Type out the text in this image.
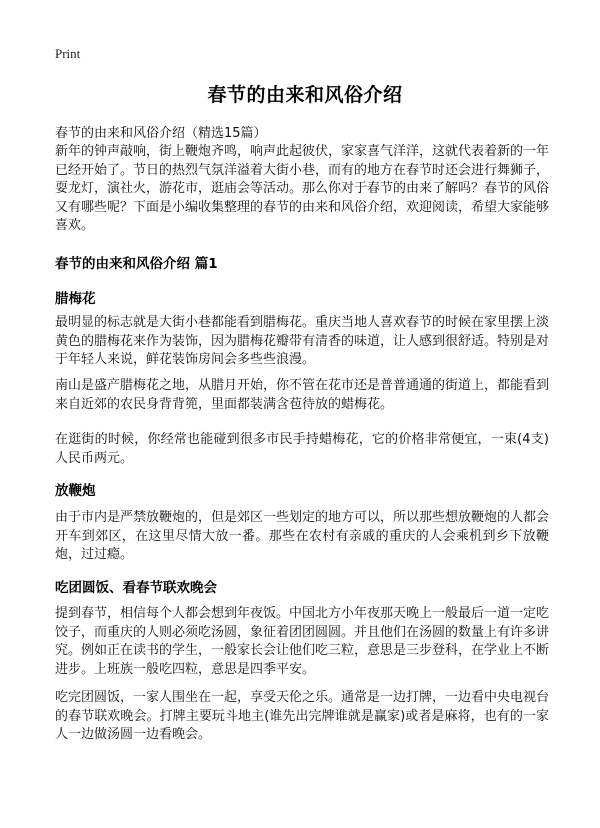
Print
春节的由来和风俗介绍
春节的由来和风俗介绍（精选15篇）

新年的钟声敲响，街上鞭炮齐鸣，响声此起彼伏，家家喜气洋洋，这就代表着新的一年已经开始了。节日的热烈气氛洋溢着大街小巷，而有的地方在春节时还会进行舞狮子，耍龙灯，演社火，游花市，逛庙会等活动。那么你对于春节的由来了解吗？春节的风俗又有哪些呢？下面是小编收集整理的春节的由来和风俗介绍，欢迎阅读，希望大家能够喜欢。

春节的由来和风俗介绍 篇1
腊梅花

最明显的标志就是大街小巷都能看到腊梅花。重庆当地人喜欢春节的时候在家里摆上淡黄色的腊梅花来作为装饰，因为腊梅花瓣带有清香的味道，让人感到很舒适。特别是对于年轻人来说，鲜花装饰房间会多些些浪漫。

南山是盛产腊梅花之地，从腊月开始，你不管在花市还是普普通通的街道上，都能看到来自近郊的农民身背背篼，里面都装满含苞待放的蜡梅花。

在逛街的时候，你经常也能碰到很多市民手持蜡梅花，它的价格非常便宜，一束(4支)人民币两元。

放鞭炮

由于市内是严禁放鞭炮的，但是郊区一些划定的地方可以，所以那些想放鞭炮的人都会开车到郊区，在这里尽情大放一番。那些在农村有亲戚的重庆的人会乘机到乡下放鞭炮，过过瘾。

吃团圆饭、看春节联欢晚会

提到春节，相信每个人都会想到年夜饭。中国北方小年夜那天晚上一般最后一道一定吃饺子，而重庆的人则必须吃汤圆，象征着团团圆圆。并且他们在汤圆的数量上有许多讲究。例如正在读书的学生，一般家长会让他们吃三粒，意思是三步登科，在学业上不断进步。上班族一般吃四粒，意思是四季平安。

吃完团圆饭，一家人围坐在一起，享受天伦之乐。通常是一边打牌，一边看中央电视台的春节联欢晚会。打牌主要玩斗地主(谁先出完牌谁就是赢家)或者是麻将，也有的一家人一边做汤圆一边看晚会。
